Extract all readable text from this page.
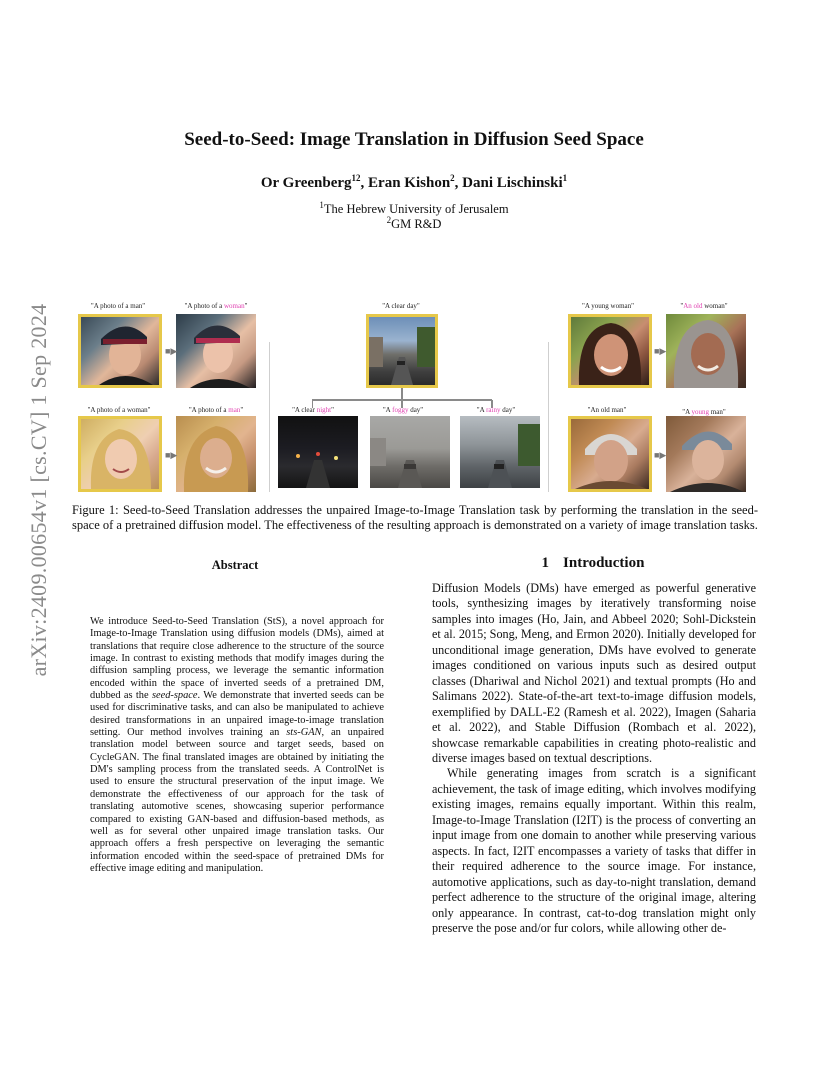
arXiv:2409.00654v1 [cs.CV] 1 Sep 2024
Seed-to-Seed: Image Translation in Diffusion Seed Space
Or Greenberg$^{12}$, Eran Kishon$^2$, Dani Lischinski$^1$
$^1$The Hebrew University of Jerusalem
$^2$GM R&D
"A photo of a man"	"A photo of a woman"
■▶
"A photo of a woman"	"A photo of a man"
■▶
"A clear day"
"A clear night"	"A foggy day"	"A rainy day"
"A young woman"	"An old woman"
■▶
"An old man"	"A young man"
■▶
Figure 1: Seed-to-Seed Translation addresses the unpaired Image-to-Image Translation task by performing the translation in the seed-space of a pretrained diffusion model. The effectiveness of the resulting approach is demonstrated on a variety of image translation tasks.
Abstract
We introduce Seed-to-Seed Translation (StS), a novel approach for Image-to-Image Translation using diffusion models (DMs), aimed at translations that require close adherence to the structure of the source image. In contrast to existing methods that modify images during the diffusion sampling process, we leverage the semantic information encoded within the space of inverted seeds of a pretrained DM, dubbed as the seed-space. We demonstrate that inverted seeds can be used for discriminative tasks, and can also be manipulated to achieve desired transformations in an unpaired image-to-image translation setting. Our method involves training an sts-GAN, an unpaired translation model between source and target seeds, based on CycleGAN. The final translated images are obtained by initiating the DM's sampling process from the translated seeds. A ControlNet is used to ensure the structural preservation of the input image. We demonstrate the effectiveness of our approach for the task of translating automotive scenes, showcasing superior performance compared to existing GAN-based and diffusion-based methods, as well as for several other unpaired image translation tasks. Our approach offers a fresh perspective on leveraging the semantic information encoded within the seed-space of pretrained DMs for effective image editing and manipulation.
1 Introduction

Diffusion Models (DMs) have emerged as powerful generative tools, synthesizing images by iteratively transforming noise samples into images (Ho, Jain, and Abbeel 2020; Sohl-Dickstein et al. 2015; Song, Meng, and Ermon 2020). Initially developed for unconditional image generation, DMs have evolved to generate images conditioned on various inputs such as desired output classes (Dhariwal and Nichol 2021) and textual prompts (Ho and Salimans 2022). State-of-the-art text-to-image diffusion models, exemplified by DALL-E2 (Ramesh et al. 2022), Imagen (Saharia et al. 2022), and Stable Diffusion (Rombach et al. 2022), showcase remarkable capabilities in creating photo-realistic and diverse images based on textual descriptions.

While generating images from scratch is a significant achievement, the task of image editing, which involves modifying existing images, remains equally important. Within this realm, Image-to-Image Translation (I2IT) is the process of converting an input image from one domain to another while preserving various aspects. In fact, I2IT encompasses a variety of tasks that differ in their required adherence to the source image. For instance, automotive applications, such as day-to-night translation, demand perfect adherence to the structure of the original image, altering only appearance. In contrast, cat-to-dog translation might only preserve the pose and/or fur colors, while allowing other de-
